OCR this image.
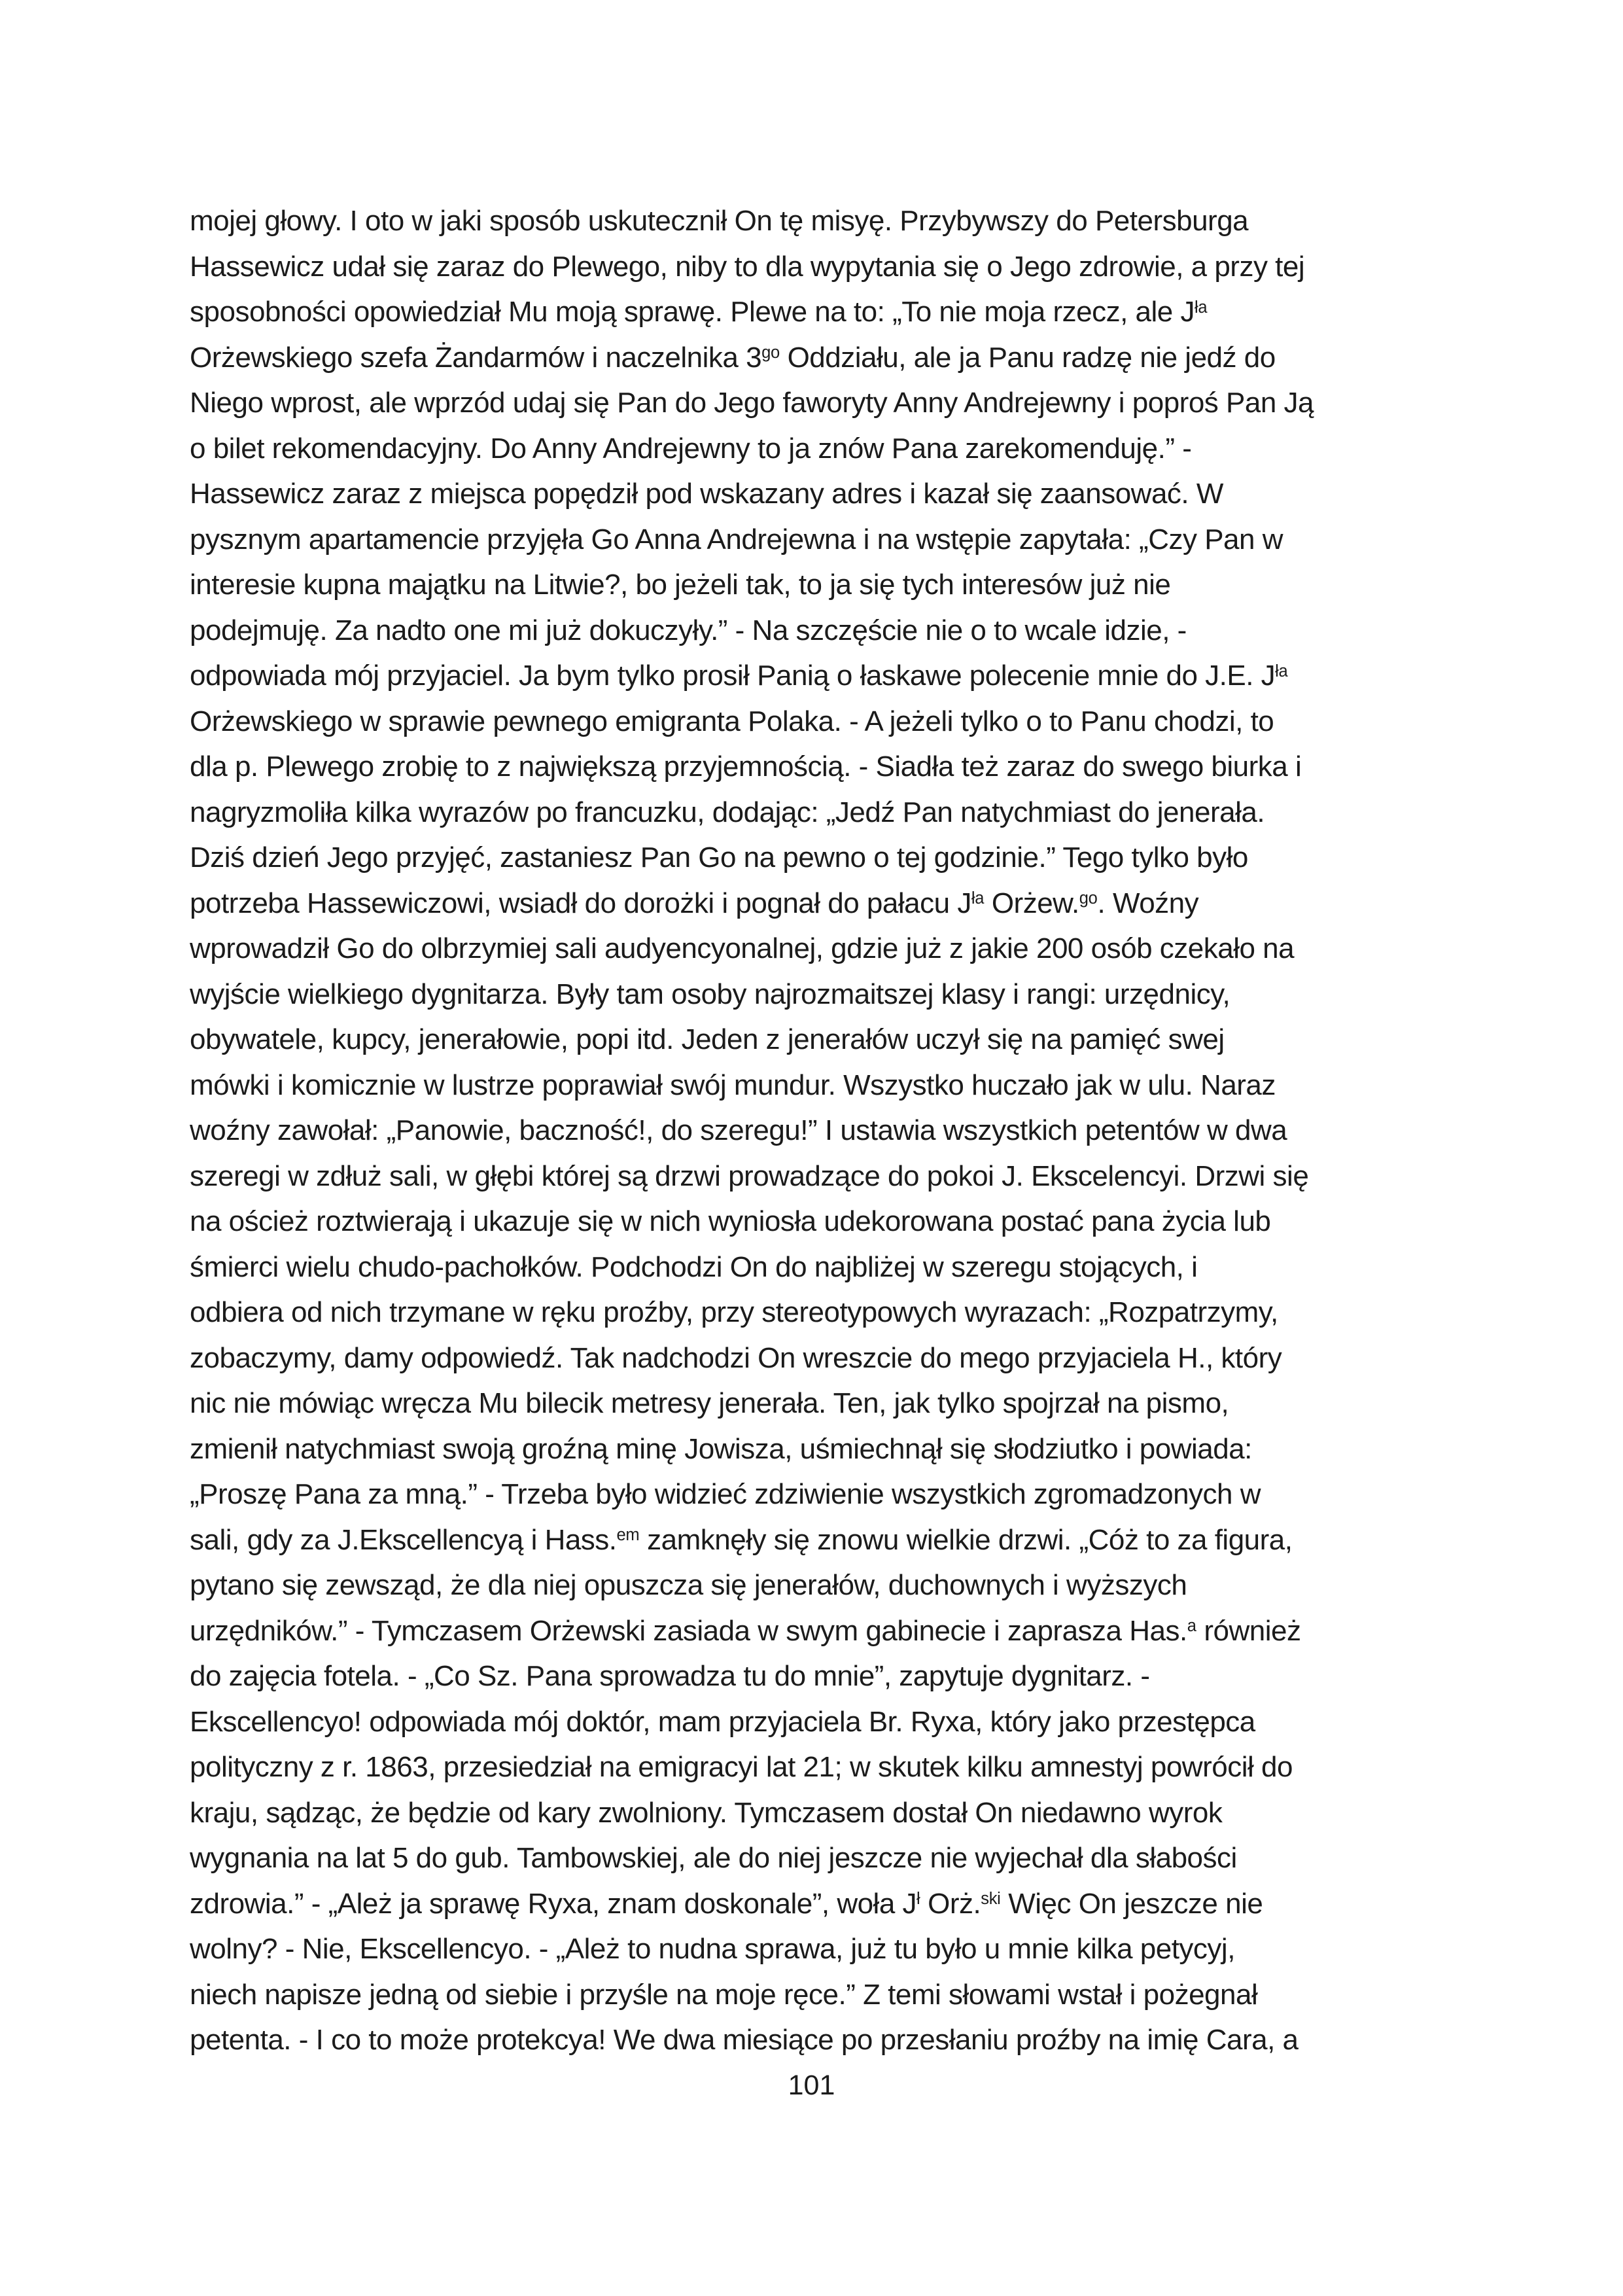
mojej głowy. I oto w jaki sposób uskutecznił On tę misyę. Przybywszy do Petersburga
Hassewicz udał się zaraz do Plewego, niby to dla wypytania się o Jego zdrowie, a przy tej
sposobności opowiedział Mu moją sprawę. Plewe na to: „To nie moja rzecz, ale $J^{ła}$
Orżewskiego szefa Żandarmów i naczelnika $3^{go}$ Oddziału, ale ja Panu radzę nie jedź do
Niego wprost, ale wprzód udaj się Pan do Jego faworyty Anny Andrejewny i poproś Pan Ją
o bilet rekomendacyjny. Do Anny Andrejewny to ja znów Pana zarekomenduję.” -
Hassewicz zaraz z miejsca popędził pod wskazany adres i kazał się zaansować. W
pysznym apartamencie przyjęła Go Anna Andrejewna i na wstępie zapytała: „Czy Pan w
interesie kupna majątku na Litwie?, bo jeżeli tak, to ja się tych interesów już nie
podejmuję. Za nadto one mi już dokuczyły.” - Na szczęście nie o to wcale idzie, -
odpowiada mój przyjaciel. Ja bym tylko prosił Panią o łaskawe polecenie mnie do J.E. $J^{ła}$
Orżewskiego w sprawie pewnego emigranta Polaka. - A jeżeli tylko o to Panu chodzi, to
dla p. Plewego zrobię to z największą przyjemnością. - Siadła też zaraz do swego biurka i
nagryzmoliła kilka wyrazów po francuzku, dodając: „Jedź Pan natychmiast do jenerała.
Dziś dzień Jego przyjęć, zastaniesz Pan Go na pewno o tej godzinie.” Tego tylko było
potrzeba Hassewiczowi, wsiadł do dorożki i pognał do pałacu $J^{ła}$ Orżew.$^{go}$. Woźny
wprowadził Go do olbrzymiej sali audyencyonalnej, gdzie już z jakie 200 osób czekało na
wyjście wielkiego dygnitarza. Były tam osoby najrozmaitszej klasy i rangi: urzędnicy,
obywatele, kupcy, jenerałowie, popi itd. Jeden z jenerałów uczył się na pamięć swej
mówki i komicznie w lustrze poprawiał swój mundur. Wszystko huczało jak w ulu. Naraz
woźny zawołał: „Panowie, baczność!, do szeregu!” I ustawia wszystkich petentów w dwa
szeregi w zdłuż sali, w głębi której są drzwi prowadzące do pokoi J. Ekscelencyi. Drzwi się
na oścież roztwierają i ukazuje się w nich wyniosła udekorowana postać pana życia lub
śmierci wielu chudo-pachołków. Podchodzi On do najbliżej w szeregu stojących, i
odbiera od nich trzymane w ręku proźby, przy stereotypowych wyrazach: „Rozpatrzymy,
zobaczymy, damy odpowiedź. Tak nadchodzi On wreszcie do mego przyjaciela H., który
nic nie mówiąc wręcza Mu bilecik metresy jenerała. Ten, jak tylko spojrzał na pismo,
zmienił natychmiast swoją groźną minę Jowisza, uśmiechnął się słodziutko i powiada:
„Proszę Pana za mną.” - Trzeba było widzieć zdziwienie wszystkich zgromadzonych w
sali, gdy za J.Ekscellencyą i Hass.$^{em}$ zamknęły się znowu wielkie drzwi. „Cóż to za figura,
pytano się zewsząd, że dla niej opuszcza się jenerałów, duchownych i wyższych
urzędników.” - Tymczasem Orżewski zasiada w swym gabinecie i zaprasza Has.$^a$ również
do zajęcia fotela. - „Co Sz. Pana sprowadza tu do mnie”, zapytuje dygnitarz. -
Ekscellencyo! odpowiada mój doktór, mam przyjaciela Br. Ryxa, który jako przestępca
polityczny z r. 1863, przesiedział na emigracyi lat 21; w skutek kilku amnestyj powrócił do
kraju, sądząc, że będzie od kary zwolniony. Tymczasem dostał On niedawno wyrok
wygnania na lat 5 do gub. Tambowskiej, ale do niej jeszcze nie wyjechał dla słabości
zdrowia.” - „Ależ ja sprawę Ryxa, znam doskonale”, woła $J^ł$ Orż.$^{ski}$ Więc On jeszcze nie
wolny? - Nie, Ekscellencyo. - „Ależ to nudna sprawa, już tu było u mnie kilka petycyj,
niech napisze jedną od siebie i przyśle na moje ręce.” Z temi słowami wstał i pożegnał
petenta. - I co to może protekcya! We dwa miesiące po przesłaniu proźby na imię Cara, a
101
